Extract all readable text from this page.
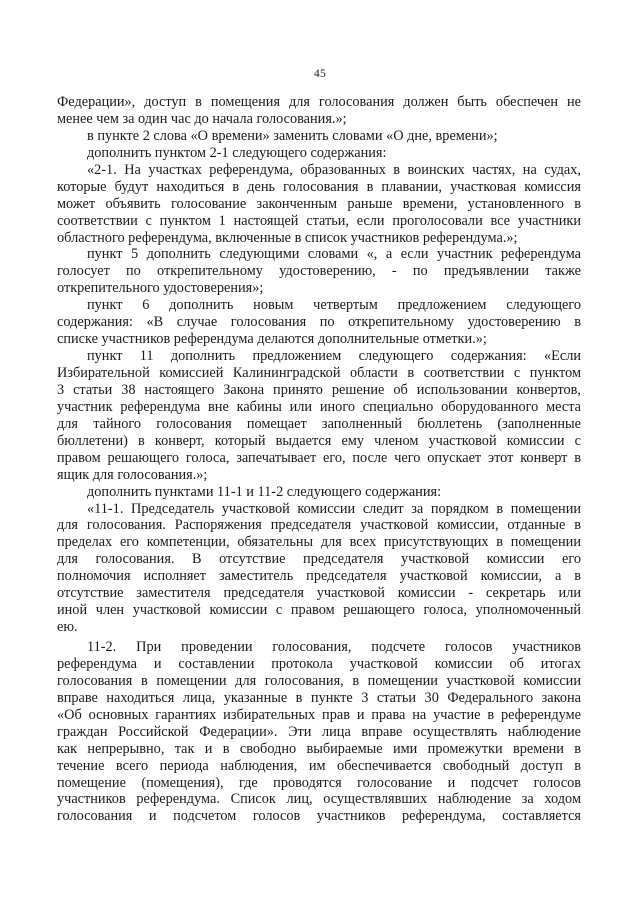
45
Федерации», доступ в помещения для голосования должен быть обеспечен не
менее чем за один час до начала голосования.»;
в пункте 2 слова «О времени» заменить словами «О дне, времени»;
дополнить пунктом 2-1 следующего содержания:
«2-1. На участках референдума, образованных в воинских частях, на судах,
которые будут находиться в день голосования в плавании, участковая комиссия
может объявить голосование законченным раньше времени, установленного в
соответствии с пунктом 1 настоящей статьи, если проголосовали все участники
областного референдума, включенные в список участников референдума.»;
пункт 5 дополнить следующими словами «, а если участник референдума
голосует по открепительному удостоверению, - по предъявлении также
открепительного удостоверения»;
пункт 6 дополнить новым четвертым предложением следующего
содержания: «В случае голосования по открепительному удостоверению в
списке участников референдума делаются дополнительные отметки.»;
пункт 11 дополнить предложением следующего содержания: «Если
Избирательной комиссией Калининградской области в соответствии с пунктом
3 статьи 38 настоящего Закона принято решение об использовании конвертов,
участник референдума вне кабины или иного специально оборудованного места
для тайного голосования помещает заполненный бюллетень (заполненные
бюллетени) в конверт, который выдается ему членом участковой комиссии с
правом решающего голоса, запечатывает его, после чего опускает этот конверт в
ящик для голосования.»;
дополнить пунктами 11-1 и 11-2 следующего содержания:
«11-1. Председатель участковой комиссии следит за порядком в помещении
для голосования. Распоряжения председателя участковой комиссии, отданные в
пределах его компетенции, обязательны для всех присутствующих в помещении
для голосования. В отсутствие председателя участковой комиссии его
полномочия исполняет заместитель председателя участковой комиссии, а в
отсутствие заместителя председателя участковой комиссии - секретарь или
иной член участковой комиссии с правом решающего голоса, уполномоченный
ею.
11-2. При проведении голосования, подсчете голосов участников
референдума и составлении протокола участковой комиссии об итогах
голосования в помещении для голосования, в помещении участковой комиссии
вправе находиться лица, указанные в пункте 3 статьи 30 Федерального закона
«Об основных гарантиях избирательных прав и права на участие в референдуме
граждан Российской Федерации». Эти лица вправе осуществлять наблюдение
как непрерывно, так и в свободно выбираемые ими промежутки времени в
течение всего периода наблюдения, им обеспечивается свободный доступ в
помещение (помещения), где проводятся голосование и подсчет голосов
участников референдума. Список лиц, осуществлявших наблюдение за ходом
голосования и подсчетом голосов участников референдума, составляется
